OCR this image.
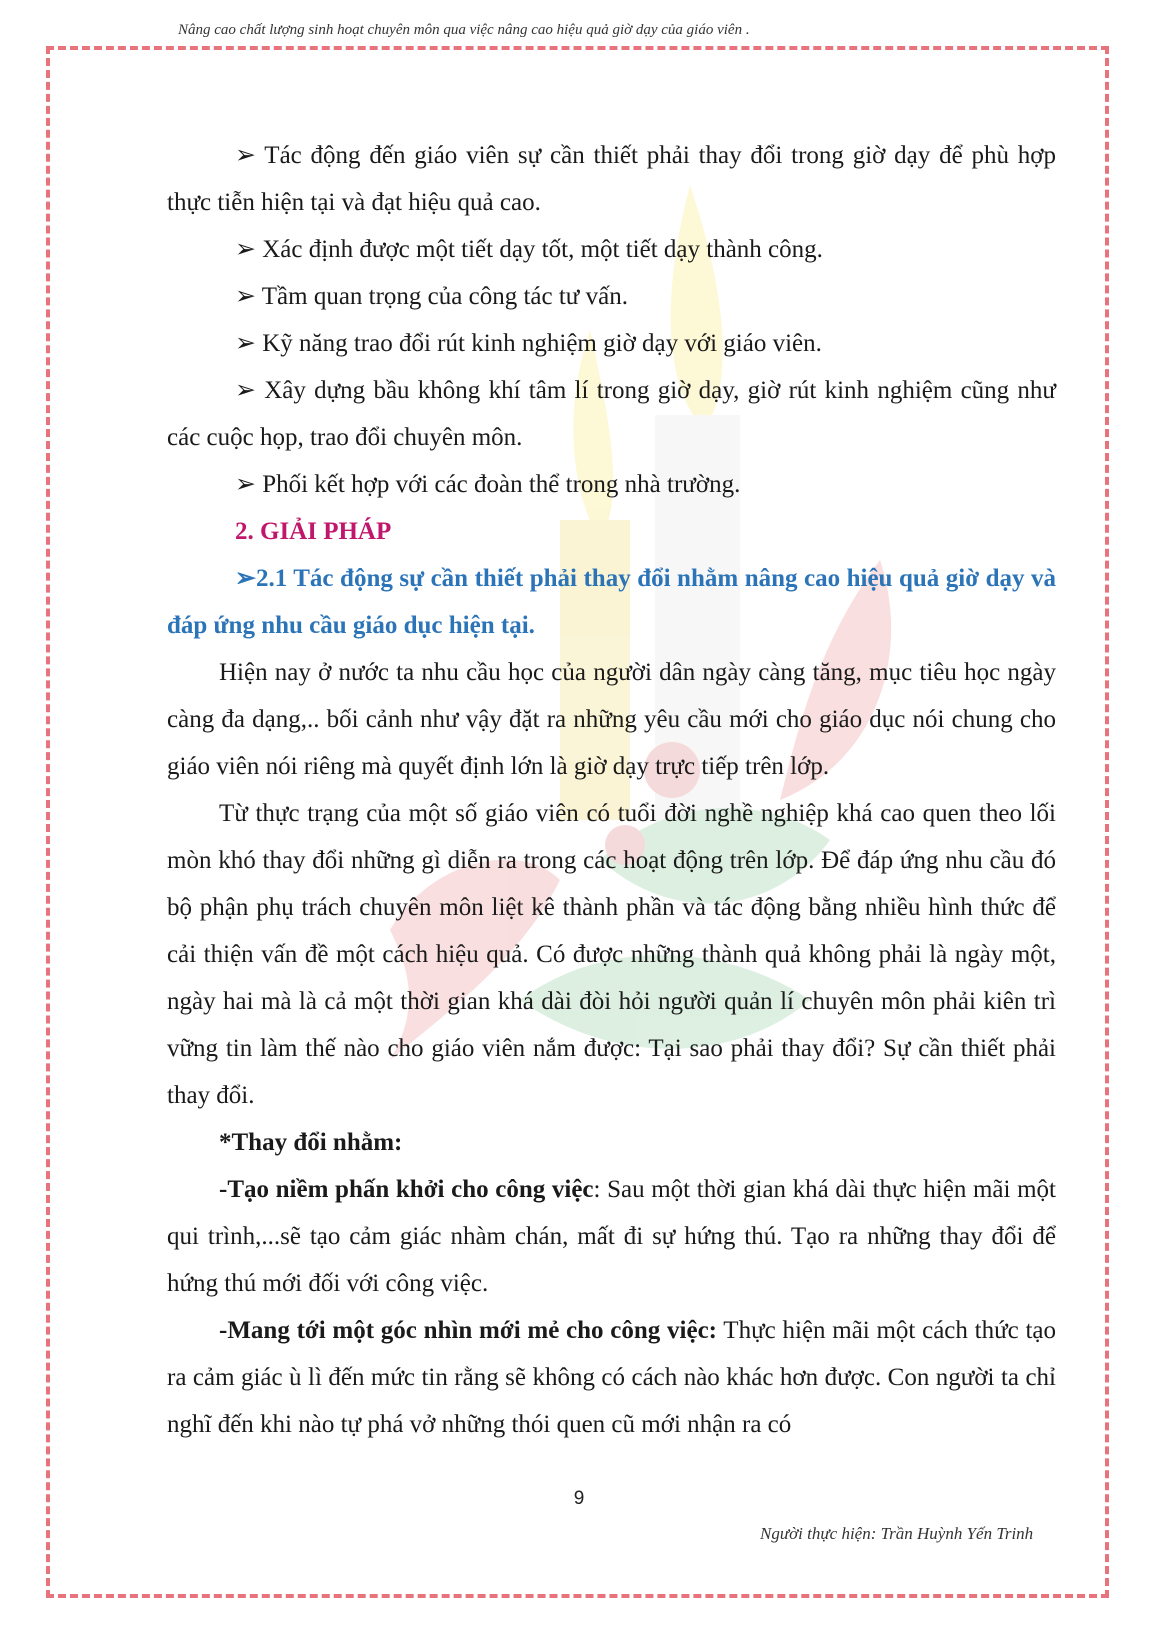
Nâng cao chất lượng sinh hoạt chuyên môn qua việc nâng cao hiệu quả giờ dạy của giáo viên .

➢ Tác động đến giáo viên sự cần thiết phải thay đổi trong giờ dạy để phù hợp thực tiễn hiện tại và đạt hiệu quả cao.

➢ Xác định được một tiết dạy tốt, một tiết dạy thành công.

➢ Tầm quan trọng của công tác tư vấn.

➢ Kỹ năng trao đổi rút kinh nghiệm giờ dạy với giáo viên.

➢ Xây dựng bầu không khí tâm lí trong giờ dạy, giờ rút kinh nghiệm cũng như các cuộc họp, trao đổi chuyên môn.

➢ Phối kết hợp với các đoàn thể trong nhà trường.

2. GIẢI PHÁP

➢2.1 Tác động sự cần thiết phải thay đổi nhằm nâng cao hiệu quả giờ dạy và đáp ứng nhu cầu giáo dục hiện tại.

Hiện nay ở nước ta nhu cầu học của người dân ngày càng tăng, mục tiêu học ngày càng đa dạng,.. bối cảnh như vậy đặt ra những yêu cầu mới cho giáo dục nói chung cho giáo viên nói riêng mà quyết định lớn là giờ dạy trực tiếp trên lớp.

Từ thực trạng của một số giáo viên có tuổi đời nghề nghiệp khá cao quen theo lối mòn khó thay đổi những gì diễn ra trong các hoạt động trên lớp. Để đáp ứng nhu cầu đó bộ phận phụ trách chuyên môn liệt kê thành phần và tác động bằng nhiều hình thức để cải thiện vấn đề một cách hiệu quả. Có được những thành quả không phải là ngày một, ngày hai mà là cả một thời gian khá dài đòi hỏi người quản lí chuyên môn phải kiên trì vững tin làm thế nào cho giáo viên nắm được: Tại sao phải thay đổi? Sự cần thiết phải thay đổi.

*Thay đổi nhằm:

-Tạo niềm phấn khởi cho công việc: Sau một thời gian khá dài thực hiện mãi một qui trình,...sẽ tạo cảm giác nhàm chán, mất đi sự hứng thú. Tạo ra những thay đổi để hứng thú mới đối với công việc.

-Mang tới một góc nhìn mới mẻ cho công việc: Thực hiện mãi một cách thức tạo ra cảm giác ù lì đến mức tin rằng sẽ không có cách nào khác hơn được. Con người ta chỉ nghĩ đến khi nào tự phá vở những thói quen cũ mới nhận ra có

9
Người thực hiện: Trần Huỳnh Yến Trinh
